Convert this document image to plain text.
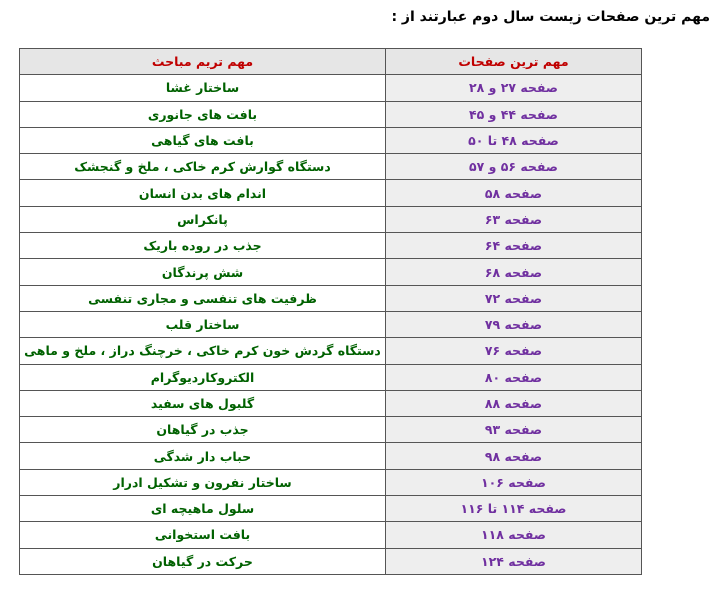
مهم ترین صفحات زیست سال دوم عبارتند از :
مهم ترین صفحات	مهم تریم مباحث
صفحه ۲۷ و ۲۸	ساختار غشا
صفحه ۴۴ و ۴۵	بافت های جانوری
صفحه ۴۸ تا ۵۰	بافت های گیاهی
صفحه ۵۶ و ۵۷	دستگاه گوارش کرم خاکی ، ملخ و گنجشک
صفحه ۵۸	اندام های بدن انسان
صفحه ۶۳	پانکراس
صفحه ۶۴	جذب در روده باریک
صفحه ۶۸	شش پرندگان
صفحه ۷۲	ظرفیت های تنفسی و مجاری تنفسی
صفحه ۷۹	ساختار قلب
صفحه ۷۶	دستگاه گردش خون کرم خاکی ، خرچنگ دراز ، ملخ و ماهی
صفحه ۸۰	الکتروکاردیوگرام
صفحه ۸۸	گلبول های سفید
صفحه ۹۳	جذب در گیاهان
صفحه ۹۸	حباب دار شدگی
صفحه ۱۰۶	ساختار نفرون و تشکیل ادرار
صفحه ۱۱۴ تا ۱۱۶	سلول ماهیچه ای
صفحه ۱۱۸	بافت استخوانی
صفحه ۱۲۴	حرکت در گیاهان
